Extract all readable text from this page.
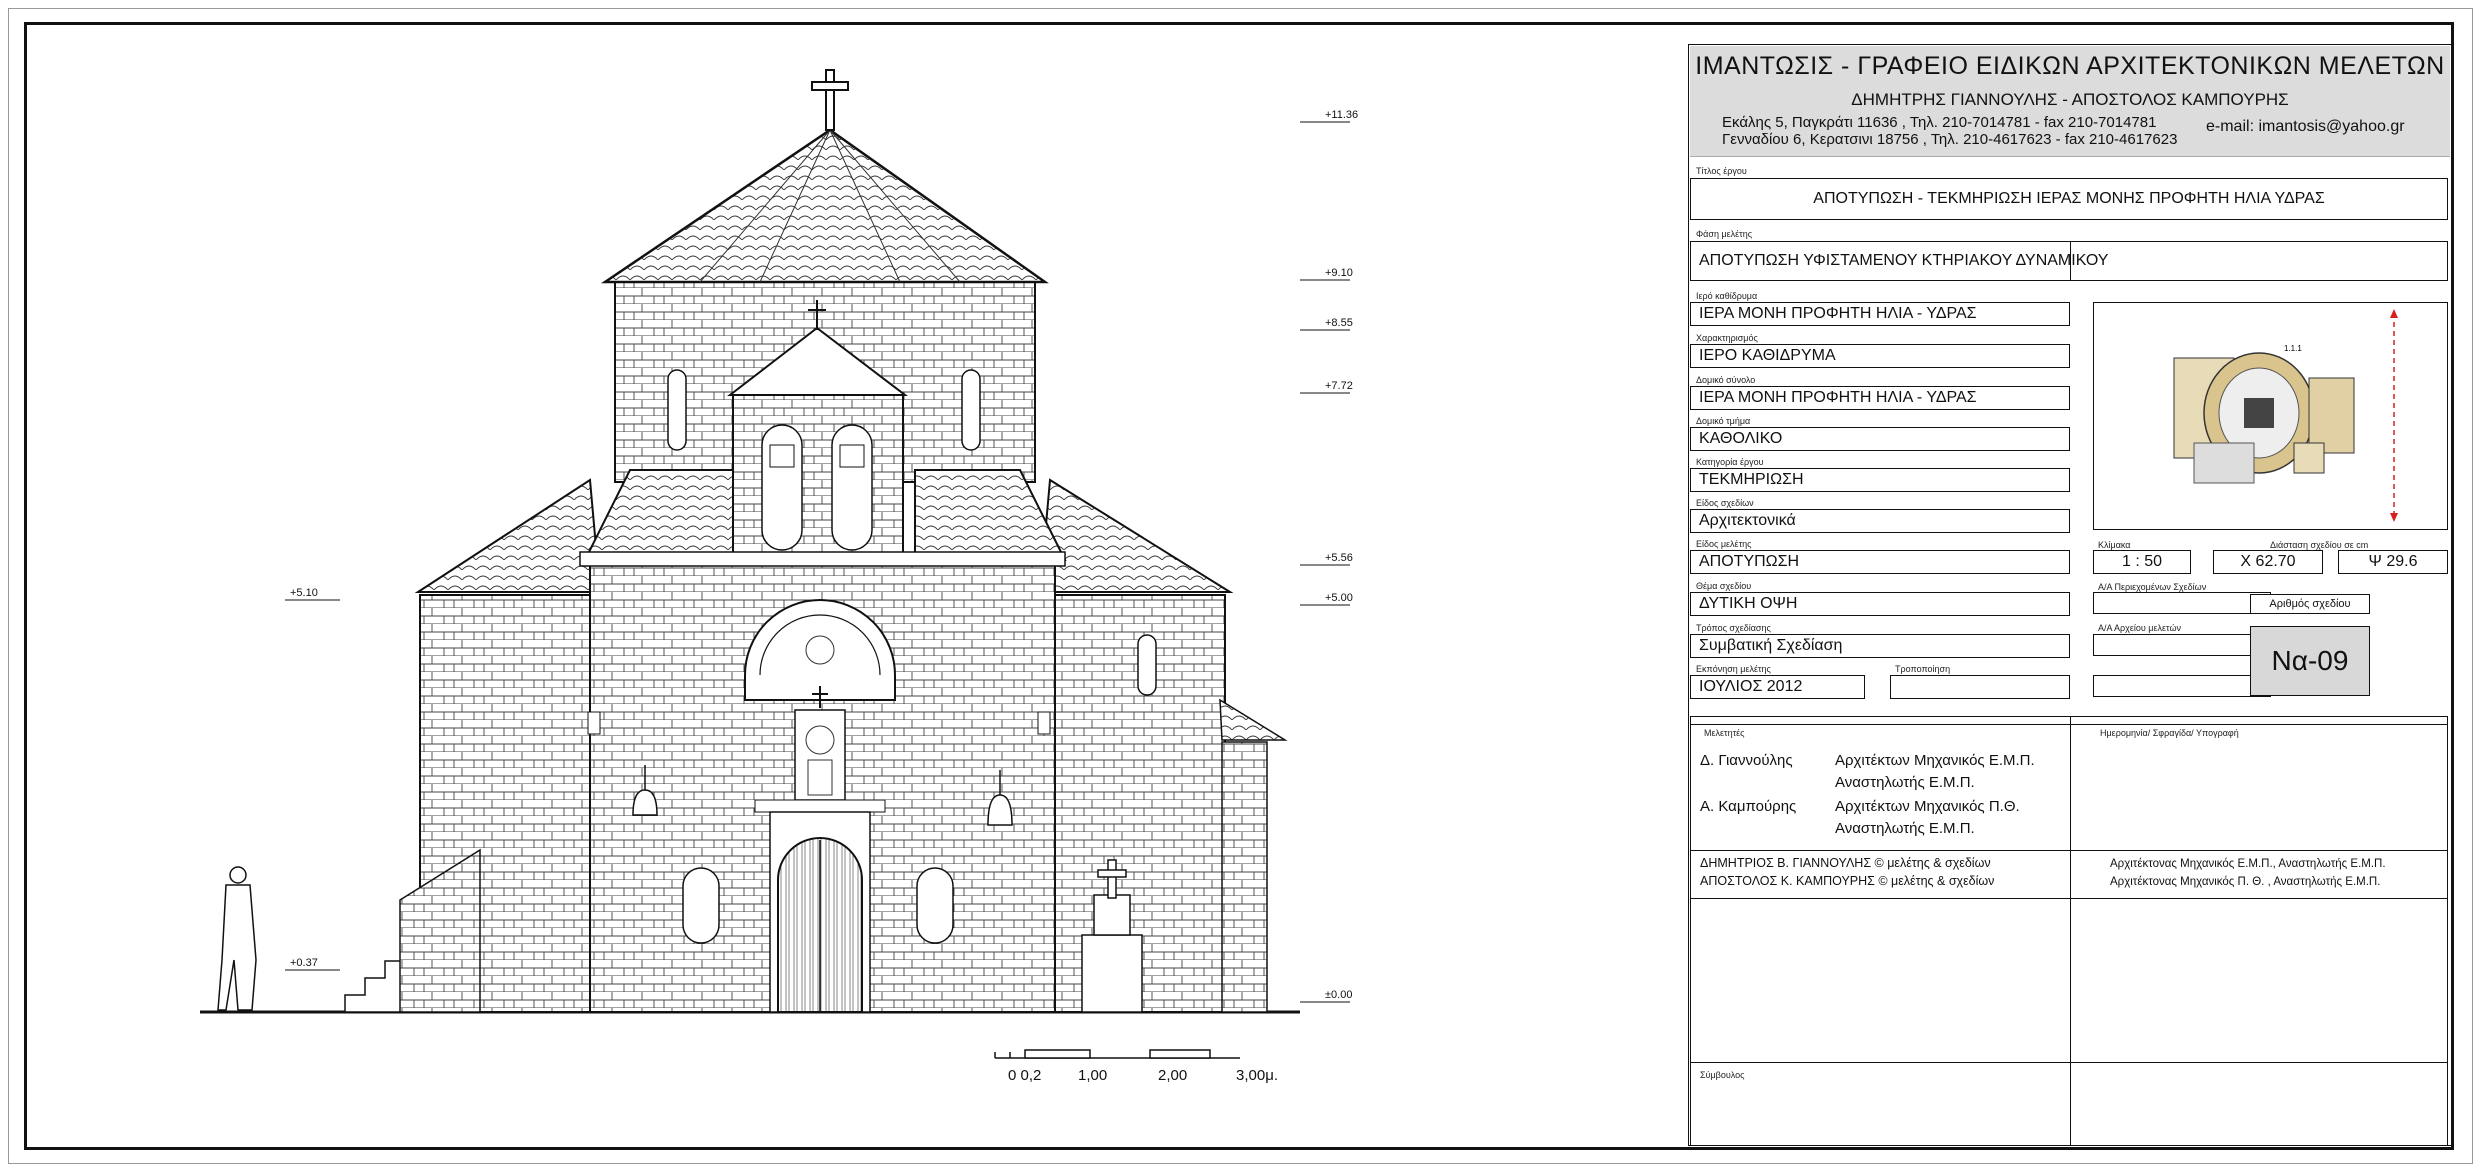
+11.36
+9.10
+8.55
+7.72
+5.56
+5.00
+5.10
+0.37
±0.00
0 0,2 1,00	2,00	3,00μ.
ΙΜΑΝΤΩΣΙΣ - ΓΡΑΦΕΙΟ ΕΙΔΙΚΩΝ ΑΡΧΙΤΕΚΤΟΝΙΚΩΝ ΜΕΛΕΤΩΝ
ΔΗΜΗΤΡΗΣ ΓΙΑΝΝΟΥΛΗΣ - ΑΠΟΣΤΟΛΟΣ ΚΑΜΠΟΥΡΗΣ
Εκάλης 5, Παγκράτι 11636 , Τηλ. 210-7014781 - fax 210-7014781
Γενναδίου 6, Κερατσινι 18756 , Τηλ. 210-4617623 - fax 210-4617623
e-mail: imantosis@yahoo.gr
Τίτλος έργου
ΑΠΟΤΥΠΩΣΗ - ΤΕΚΜΗΡΙΩΣΗ ΙΕΡΑΣ ΜΟΝΗΣ ΠΡΟΦΗΤΗ ΗΛΙΑ ΥΔΡΑΣ
Φάση μελέτης
ΑΠΟΤΥΠΩΣΗ ΥΦΙΣΤΑΜΕΝΟΥ ΚΤΗΡΙΑΚΟΥ ΔΥΝΑΜΙΚΟΥ
Ιερό καθίδρυμα
ΙΕΡΑ ΜΟΝΗ ΠΡΟΦΗΤΗ ΗΛΙΑ - ΥΔΡΑΣ
Χαρακτηρισμός
ΙΕΡΟ ΚΑΘΙΔΡΥΜΑ
Δομικό σύνολο
ΙΕΡΑ ΜΟΝΗ ΠΡΟΦΗΤΗ ΗΛΙΑ - ΥΔΡΑΣ
Δομικό τμήμα
ΚΑΘΟΛΙΚΟ
Κατηγορία έργου
ΤΕΚΜΗΡΙΩΣΗ
Είδος σχεδίων
Αρχιτεκτονικά
Είδος μελέτης
ΑΠΟΤΥΠΩΣΗ
Θέμα σχεδίου
ΔΥΤΙΚΗ ΟΨΗ
Τρόπος σχεδίασης
Συμβατική Σχεδίαση
Εκπόνηση μελέτης
ΙΟΥΛΙΟΣ 2012
Τροποποίηση
1.1.1
Κλίμακα	Διάσταση σχεδίου σε cm
1 : 50	X 62.70	Ψ 29.6
Α/Α Περιεχομένων Σχεδίων
Α/Α Αρχείου μελετών
Αριθμός σχεδίου
Να-09
Μελετητές	Ημερομηνία/ Σφραγίδα/ Υπογραφή
Δ. Γιαννούλης	Αρχιτέκτων Μηχανικός Ε.Μ.Π.
Αναστηλωτής Ε.Μ.Π.
Α. Καμπούρης	Αρχιτέκτων Μηχανικός Π.Θ.
Αναστηλωτής Ε.Μ.Π.
ΔΗΜΗΤΡΙΟΣ Β. ΓΙΑΝΝΟΥΛΗΣ © μελέτης & σχεδίων
ΑΠΟΣΤΟΛΟΣ Κ. ΚΑΜΠΟΥΡΗΣ © μελέτης & σχεδίων
Αρχιτέκτονας Μηχανικός Ε.Μ.Π., Αναστηλωτής Ε.Μ.Π.
Αρχιτέκτονας Μηχανικός Π. Θ. , Αναστηλωτής Ε.Μ.Π.
Σύμβουλος
